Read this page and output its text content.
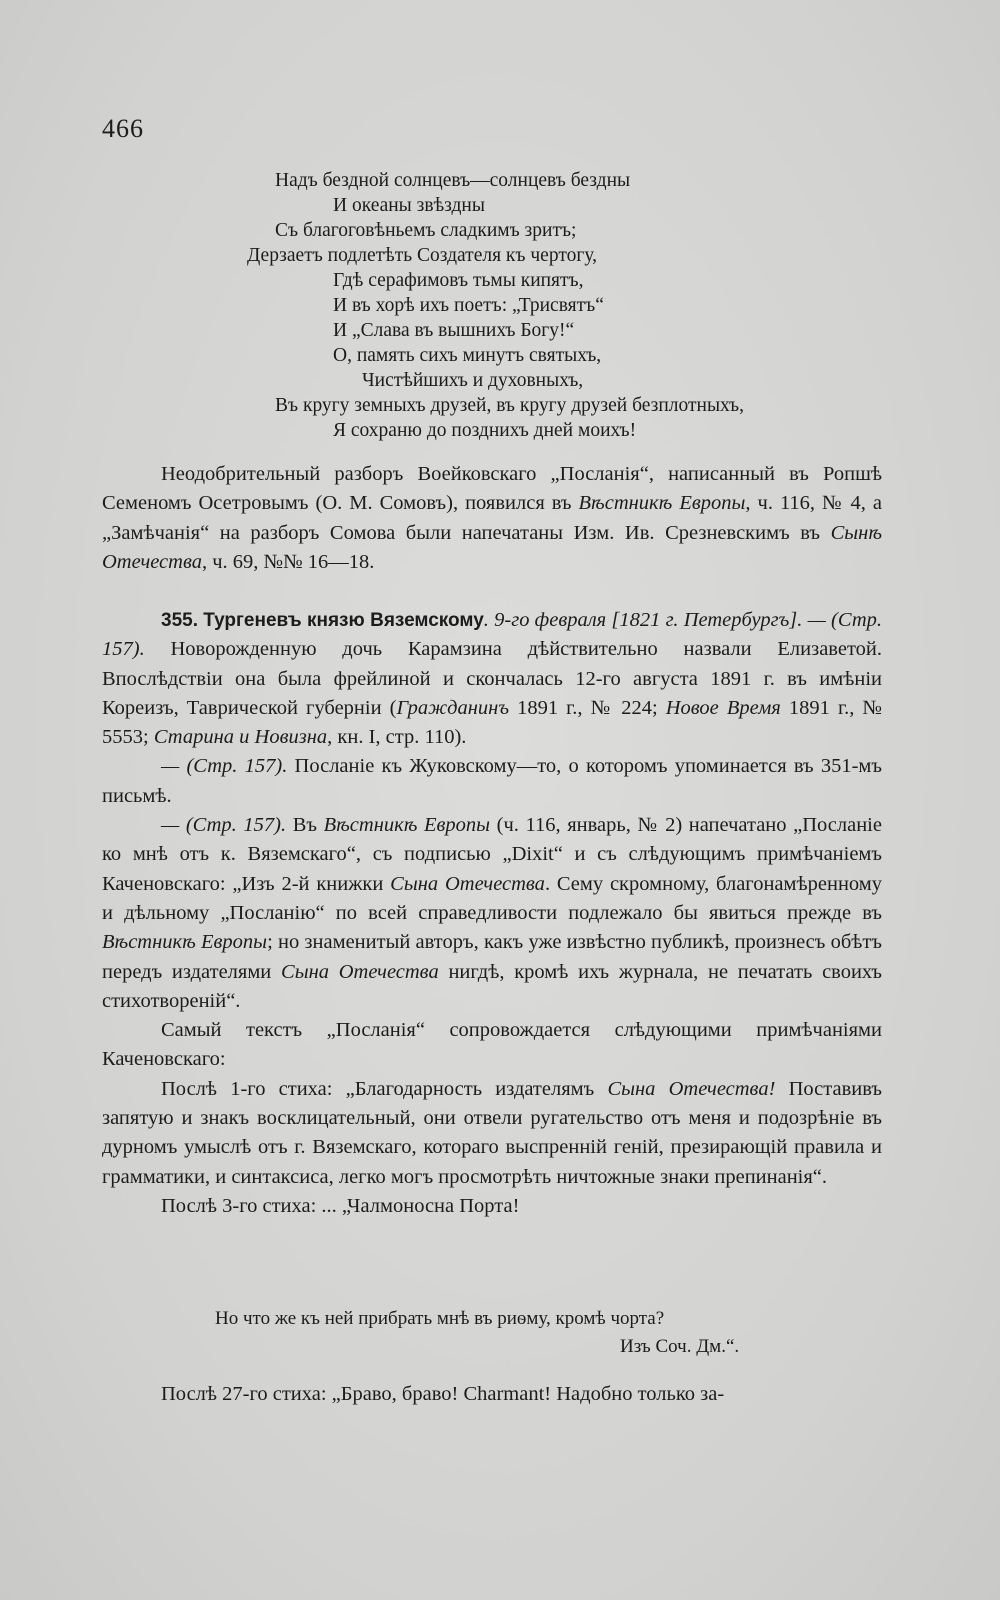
466
Надъ бездной солнцевъ—солнцевъ бездны
И океаны звѣздны
Съ благоговѣньемъ сладкимъ зритъ;
Дерзаетъ подлетѣть Создателя къ чертогу,
Гдѣ серафимовъ тьмы кипятъ,
И въ хорѣ ихъ поетъ: „Трисвятъ“
И „Слава въ вышнихъ Богу!“
О, память сихъ минутъ святыхъ,
Чистѣйшихъ и духовныхъ,
Въ кругу земныхъ друзей, въ кругу друзей безплотныхъ,
Я сохраню до позднихъ дней моихъ!

Неодобрительный разборъ Воейковскаго „Посланія“, написанный въ Ропшѣ Семеномъ Осетровымъ (О. М. Сомовъ), появился въ Вѣстникѣ Европы, ч. 116, № 4, а „Замѣчанія“ на разборъ Сомова были напечатаны Изм. Ив. Срезневскимъ въ Сынѣ Отечества, ч. 69, №№ 16—18.

355. Тургеневъ князю Вяземскому. 9-го февраля [1821 г. Петербургъ]. — (Стр. 157). Новорожденную дочь Карамзина дѣйствительно назвали Елизаветой. Впослѣдствіи она была фрейлиной и скончалась 12-го августа 1891 г. въ имѣніи Кореизъ, Таврической губерніи (Гражданинъ 1891 г., № 224; Новое Время 1891 г., № 5553; Старина и Новизна, кн. I, стр. 110).

— (Стр. 157). Посланіе къ Жуковскому—то, о которомъ упоминается въ 351-мъ письмѣ.

— (Стр. 157). Въ Вѣстникѣ Европы (ч. 116, январь, № 2) напечатано „Посланіе ко мнѣ отъ к. Вяземскаго“, съ подписью „Dixit“ и съ слѣдующимъ примѣчаніемъ Каченовскаго: „Изъ 2-й книжки Сына Отечества. Сему скромному, благонамѣренному и дѣльному „Посланію“ по всей справедливости подлежало бы явиться прежде въ Вѣстникѣ Европы; но знаменитый авторъ, какъ уже извѣстно публикѣ, произнесъ обѣтъ передъ издателями Сына Отечества нигдѣ, кромѣ ихъ журнала, не печатать своихъ стихотвореній“.

Самый текстъ „Посланія“ сопровождается слѣдующими примѣчаніями Каченовскаго:

Послѣ 1-го стиха: „Благодарность издателямъ Сына Отечества! Поставивъ запятую и знакъ восклицательный, они отвели ругательство отъ меня и подозрѣніе въ дурномъ умыслѣ отъ г. Вяземскаго, котораго выспренній геній, презирающій правила и грамматики, и синтаксиса, легко могъ просмотрѣть ничтожные знаки препинанія“.

Послѣ 3-го стиха: ... „Чалмоносна Порта!

Но что же къ ней прибрать мнѣ въ риѳму, кромѣ чорта?
Изъ Соч. Дм.“.

Послѣ 27-го стиха: „Браво, браво! Charmant! Надобно только за-
